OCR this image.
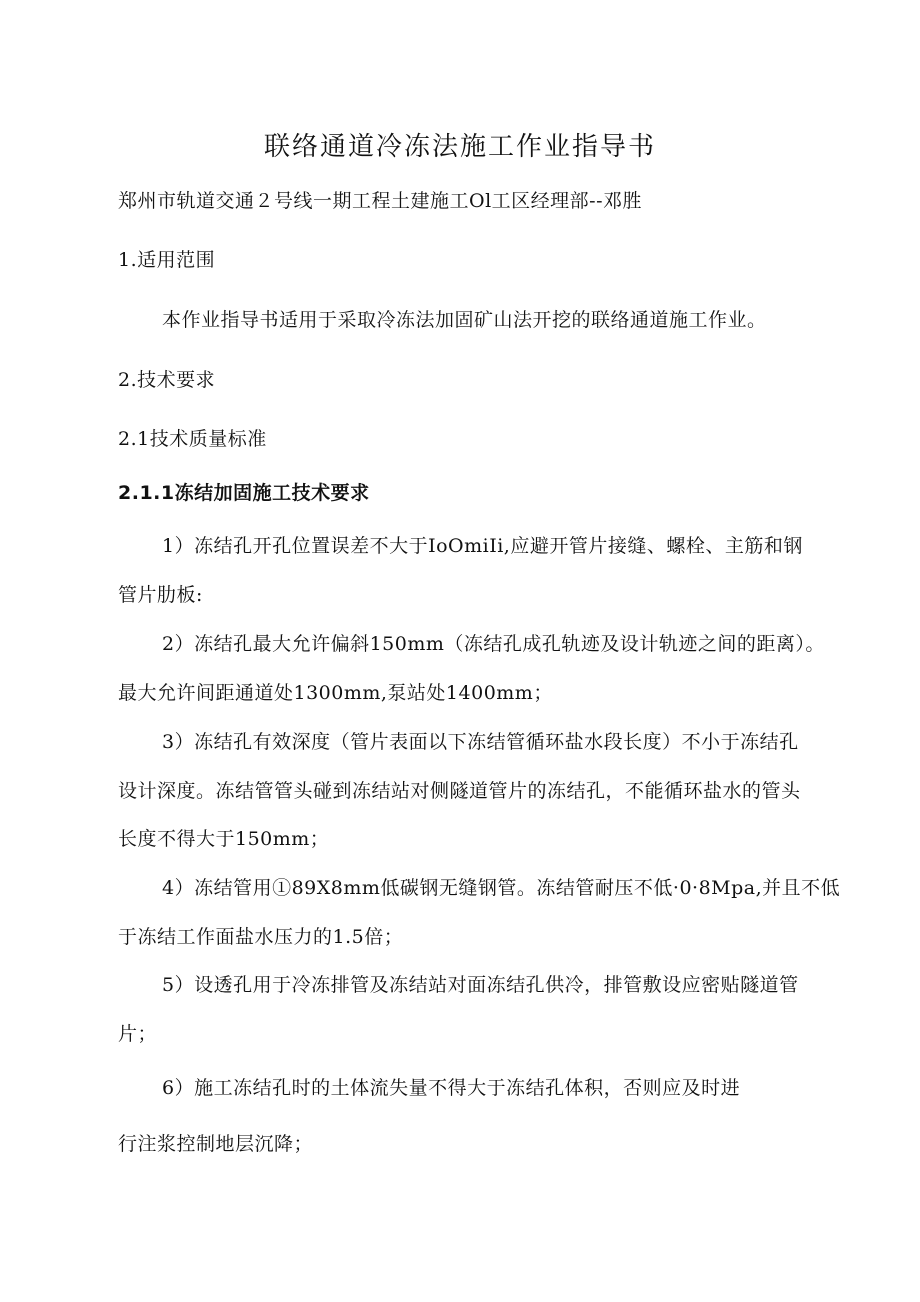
联络通道冷冻法施工作业指导书
郑州市轨道交通２号线一期工程土建施工Ol工区经理部--邓胜
1.适用范围
本作业指导书适用于采取冷冻法加固矿山法开挖的联络通道施工作业。
2.技术要求
2.1技术质量标准
2.1.1冻结加固施工技术要求
1）冻结孔开孔位置误差不大于IoOmiIi,应避开管片接缝、螺栓、主筋和钢
管片肋板:
2）冻结孔最大允许偏斜150mm（冻结孔成孔轨迹及设计轨迹之间的距离）。
最大允许间距通道处1300mm,泵站处1400mm；
3）冻结孔有效深度（管片表面以下冻结管循环盐水段长度）不小于冻结孔
设计深度。冻结管管头碰到冻结站对侧隧道管片的冻结孔，不能循环盐水的管头
长度不得大于150mm；
4）冻结管用①89X8mm低碳钢无缝钢管。冻结管耐压不低·0·8Mpa,并且不低
于冻结工作面盐水压力的1.5倍；
5）设透孔用于冷冻排管及冻结站对面冻结孔供冷，排管敷设应密贴隧道管
片；
6）施工冻结孔时的土体流失量不得大于冻结孔体积，否则应及时进
行注浆控制地层沉降；
